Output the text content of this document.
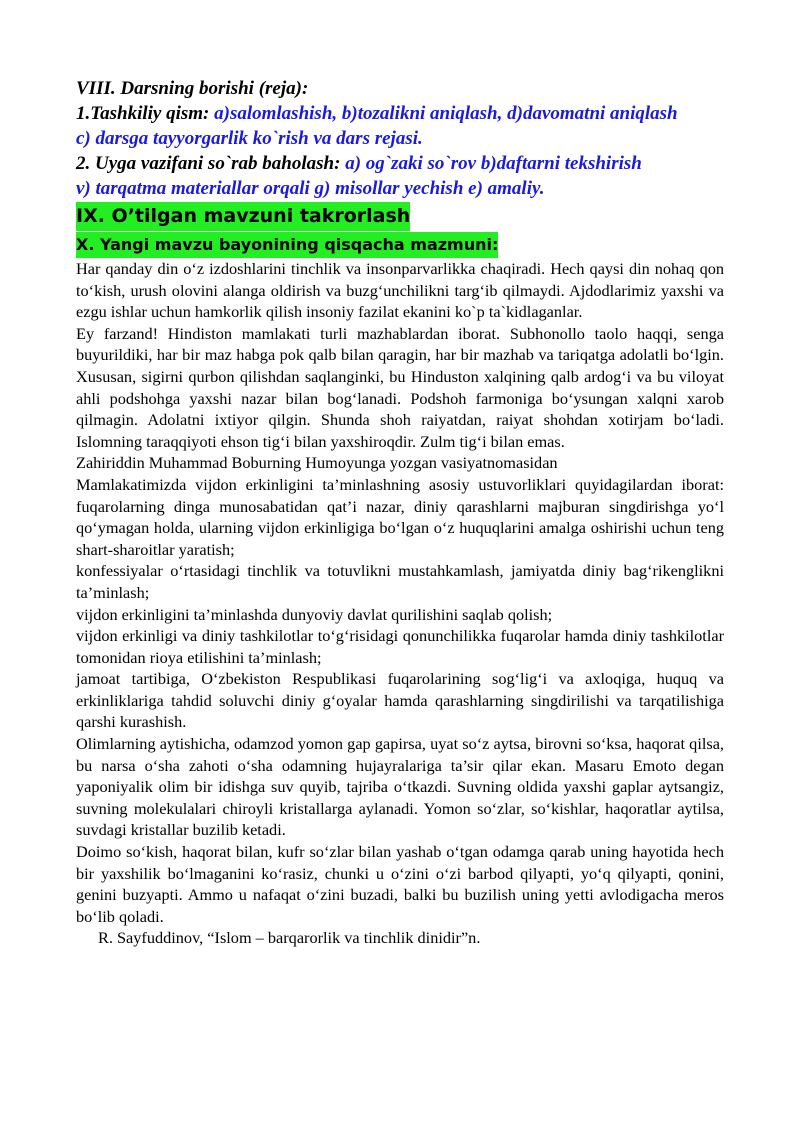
VIII. Darsning borishi (reja):
1.Tashkiliy qism: a)salomlashish, b)tozalikni aniqlash, d)davomatni aniqlash
c) darsga tayyorgarlik ko`rish va dars rejasi.
2. Uyga vazifani so`rab baholash: a) og`zaki so`rov b)daftarni tekshirish
v) tarqatma materiallar orqali g) misollar yechish e) amaliy.
IX. O’tilgan mavzuni takrorlash
X. Yangi mavzu bayonining qisqacha mazmuni:

Har qanday din o‘z izdoshlarini tinchlik va insonparvarlikka chaqiradi. Hech qaysi din nohaq qon to‘kish, urush olovini alanga oldirish va buzg‘unchilikni targ‘ib qilmaydi. Ajdodlarimiz yaxshi va ezgu ishlar uchun hamkorlik qilish insoniy fazilat ekanini ko`p ta`kidlaganlar.

Ey farzand! Hindiston mamlakati turli mazhablardan iborat. Subhonollo taolo haqqi, senga buyurildiki, har bir maz habga pok qalb bilan qaragin, har bir mazhab va tariqatga adolatli bo‘lgin. Xususan, sigirni qurbon qilishdan saqlanginki, bu Hinduston xalqining qalb ardog‘i va bu viloyat ahli podshohga yaxshi nazar bilan bog‘lanadi. Podshoh farmoniga bo‘ysungan xalqni xarob qilmagin. Adolatni ixtiyor qilgin. Shunda shoh raiyatdan, raiyat shohdan xotirjam bo‘ladi. Islomning taraqqiyoti ehson tig‘i bilan yaxshiroqdir. Zulm tig‘i bilan emas.

Zahiriddin Muhammad Boburning Humoyunga yozgan vasiyatnomasidan

Mamlakatimizda vijdon erkinligini ta’minlashning asosiy ustuvorliklari quyidagilardan iborat: fuqarolarning dinga munosabatidan qat’i nazar, diniy qarashlarni majburan singdirishga yo‘l qo‘ymagan holda, ularning vijdon erkinligiga bo‘lgan o‘z huquqlarini amalga oshirishi uchun teng shart-sharoitlar yaratish;

konfessiyalar o‘rtasidagi tinchlik va totuvlikni mustahkamlash, jamiyatda diniy bag‘rikenglikni ta’minlash;

vijdon erkinligini ta’minlashda dunyoviy davlat qurilishini saqlab qolish;

vijdon erkinligi va diniy tashkilotlar to‘g‘risidagi qonunchilikka fuqarolar hamda diniy tashkilotlar tomonidan rioya etilishini ta’minlash;

jamoat tartibiga, O‘zbekiston Respublikasi fuqarolarining sog‘lig‘i va axloqiga, huquq va erkinliklariga tahdid soluvchi diniy g‘oyalar hamda qarashlarning singdirilishi va tarqatilishiga qarshi kurashish.

Olimlarning aytishicha, odamzod yomon gap gapirsa, uyat so‘z aytsa, birovni so‘ksa, haqorat qilsa, bu narsa o‘sha zahoti o‘sha odamning hujayralariga ta’sir qilar ekan. Masaru Emoto degan yaponiyalik olim bir idishga suv quyib, tajriba o‘tkazdi. Suvning oldida yaxshi gaplar aytsangiz, suvning molekulalari chiroyli kristallarga aylanadi. Yomon so‘zlar, so‘kishlar, haqoratlar aytilsa, suvdagi kristallar buzilib ketadi.

Doimo so‘kish, haqorat bilan, kufr so‘zlar bilan yashab o‘tgan odamga qarab uning hayotida hech bir yaxshilik bo‘lmaganini ko‘rasiz, chunki u o‘zini o‘zi barbod qilyapti, yo‘q qilyapti, qonini, genini buzyapti. Ammo u nafaqat o‘zini buzadi, balki bu buzilish uning yetti avlodigacha meros bo‘lib qoladi.

R. Sayfuddinov, “Islom – barqarorlik va tinchlik dinidir”n.
